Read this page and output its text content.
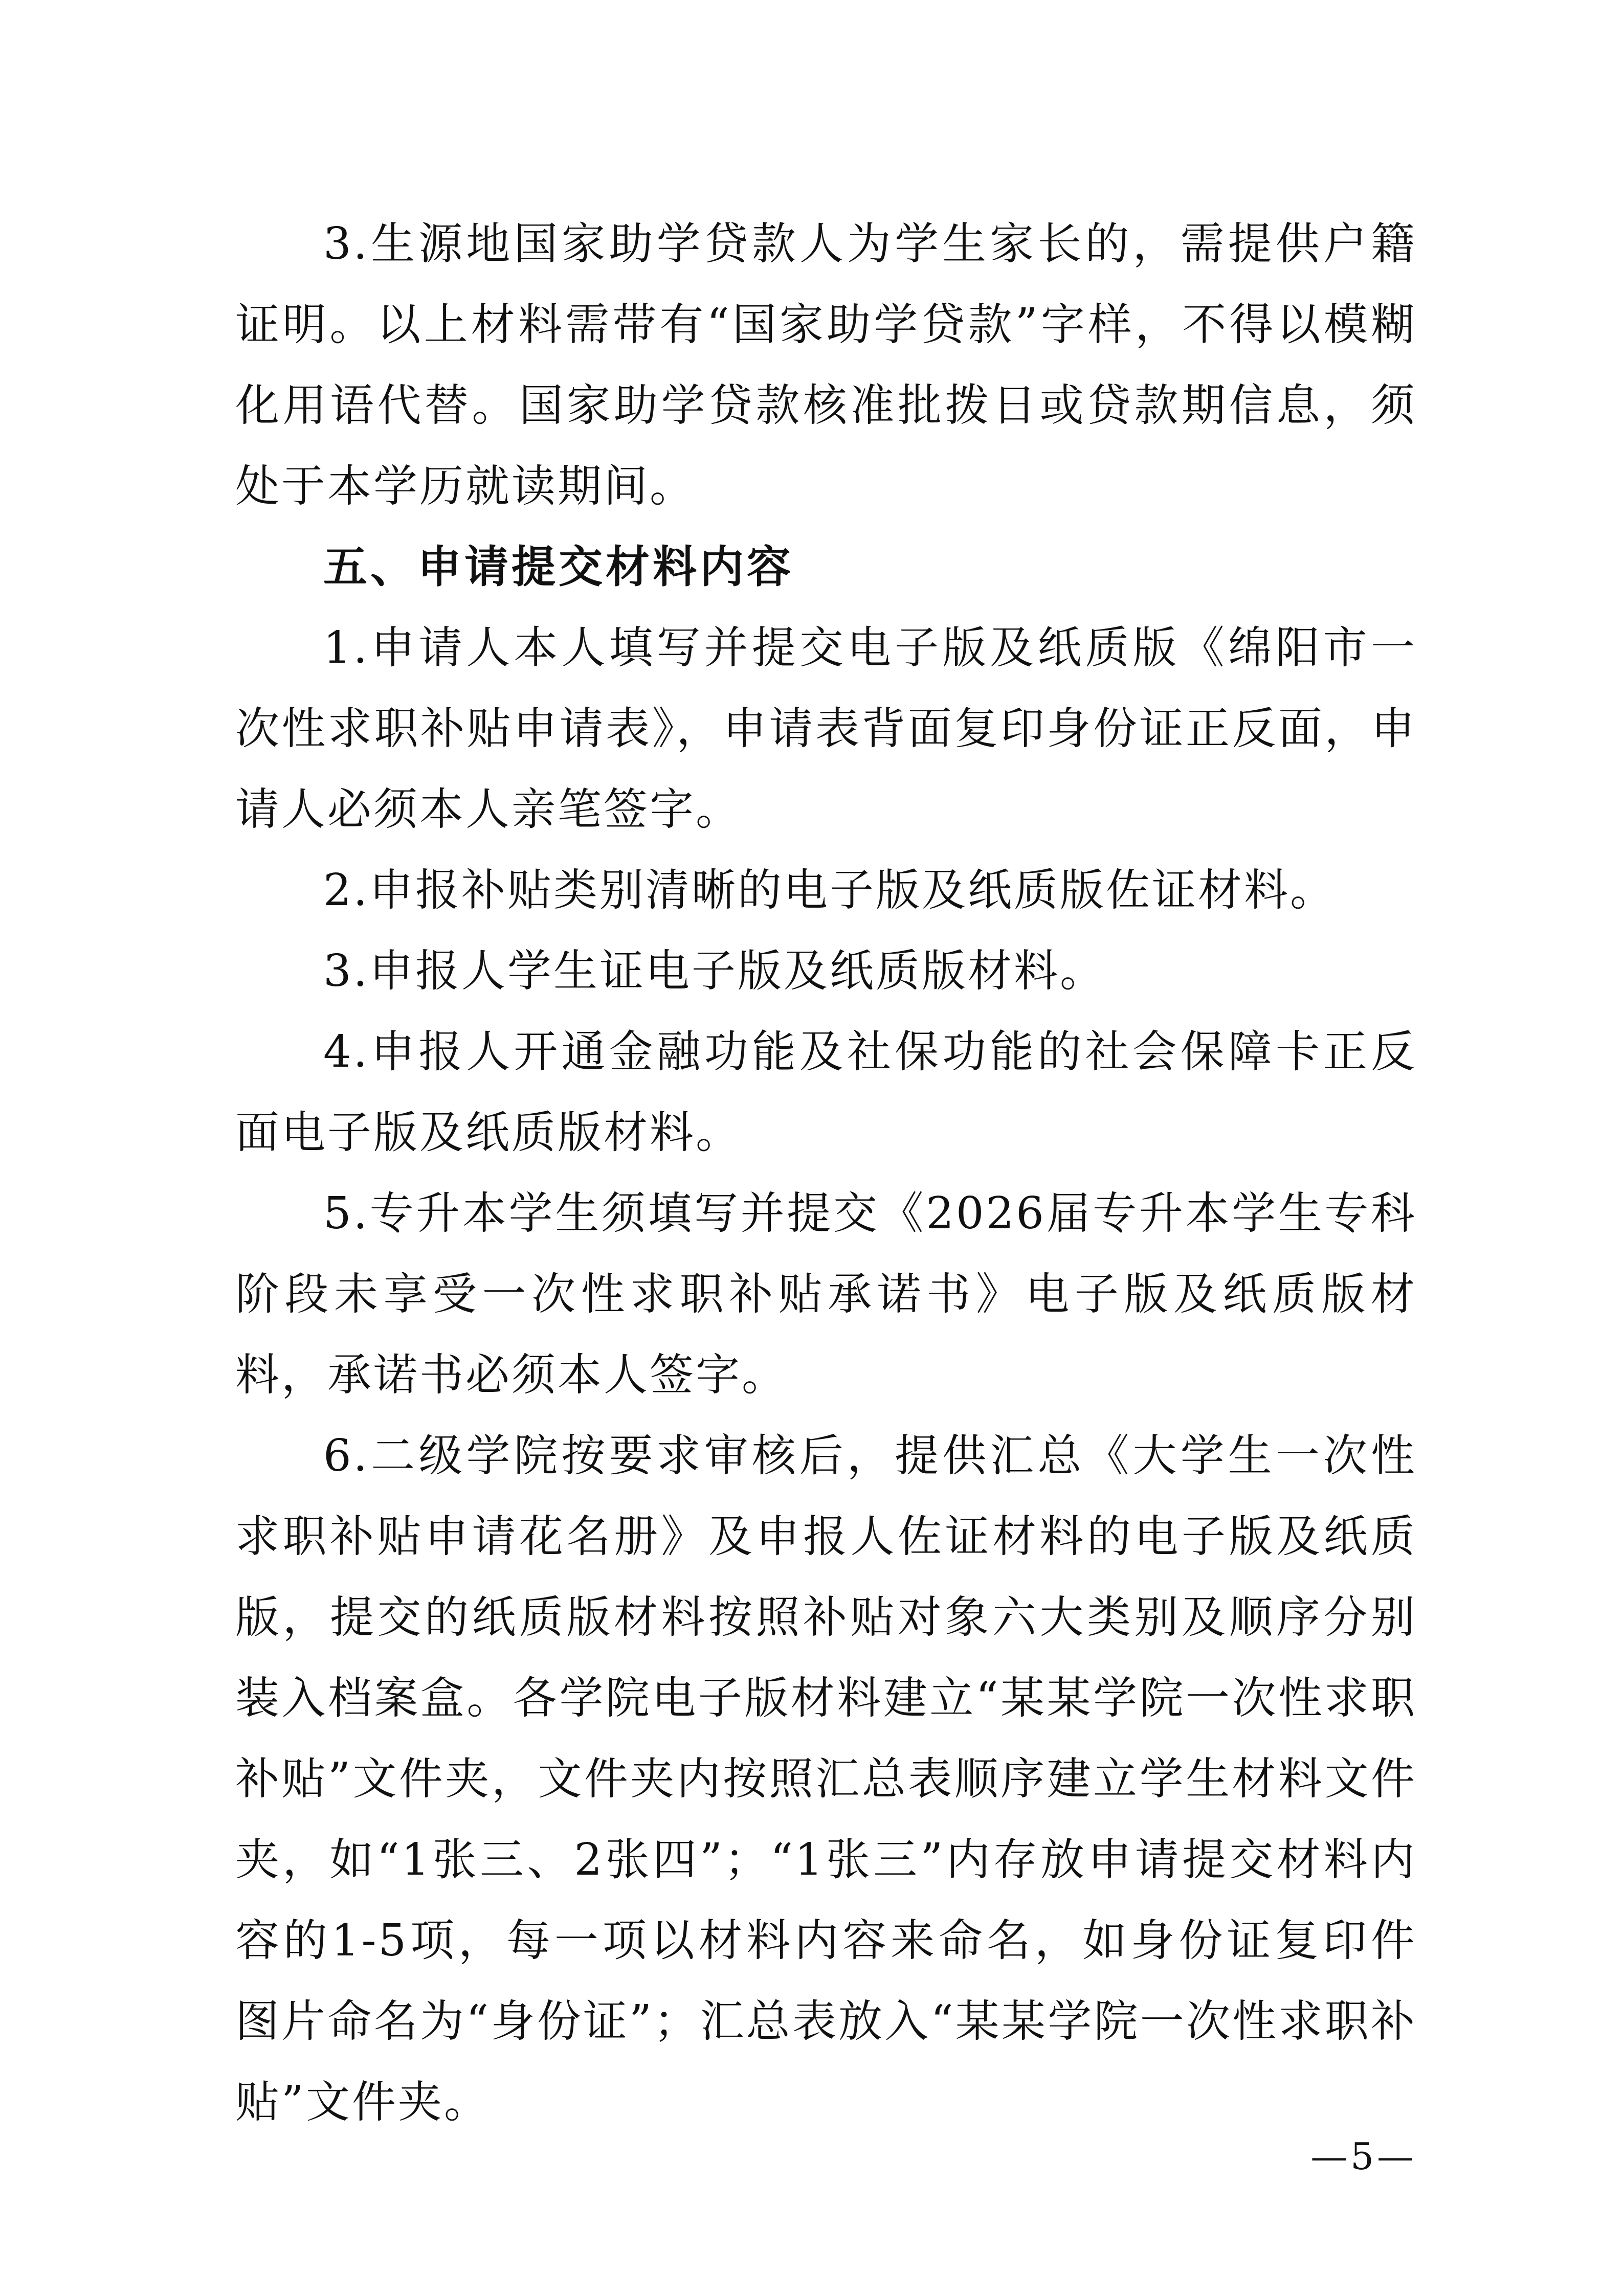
3.生源地国家助学贷款人为学生家长的，需提供户籍证明。以上材料需带有“国家助学贷款”字样，不得以模糊化用语代替。国家助学贷款核准批拨日或贷款期信息，须处于本学历就读期间。

五、申请提交材料内容

1.申请人本人填写并提交电子版及纸质版《绵阳市一次性求职补贴申请表》，申请表背面复印身份证正反面，申请人必须本人亲笔签字。

2.申报补贴类别清晰的电子版及纸质版佐证材料。

3.申报人学生证电子版及纸质版材料。

4.申报人开通金融功能及社保功能的社会保障卡正反面电子版及纸质版材料。

5.专升本学生须填写并提交《2026届专升本学生专科阶段未享受一次性求职补贴承诺书》电子版及纸质版材料，承诺书必须本人签字。

6.二级学院按要求审核后，提供汇总《大学生一次性求职补贴申请花名册》及申报人佐证材料的电子版及纸质版，提交的纸质版材料按照补贴对象六大类别及顺序分别装入档案盒。各学院电子版材料建立“某某学院一次性求职补贴”文件夹，文件夹内按照汇总表顺序建立学生材料文件夹，如“1张三、2张四”；“1张三”内存放申请提交材料内容的1-5项，每一项以材料内容来命名，如身份证复印件图片命名为“身份证”；汇总表放入“某某学院一次性求职补贴”文件夹。

—5—
